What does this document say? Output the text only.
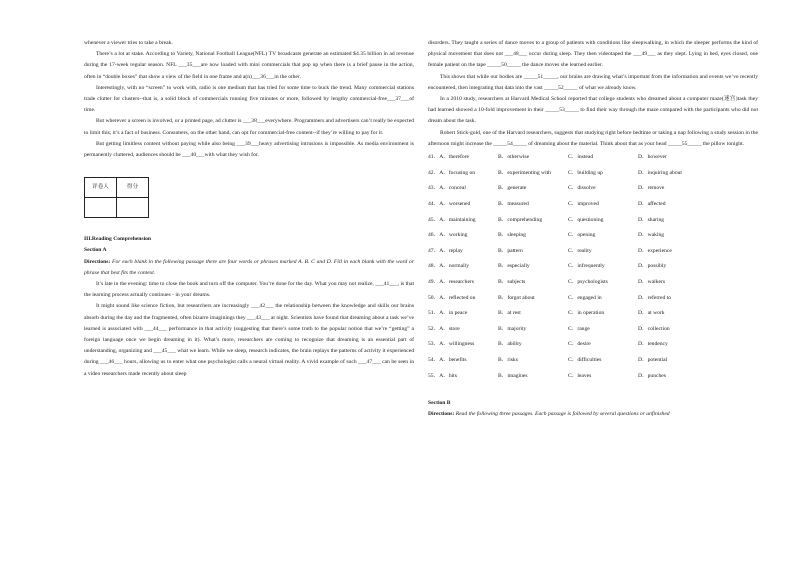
whenever a viewer tries to take a break.

There’s a lot at stake. According to Variety, National Football League(NFL) TV broadcasts generate an estimated $4.35 billion in ad revenue during the 17-week regular season. NFL ___35___are now loaded with mini commercials that pop up when there is a brief pause in the action, often in “double boxes” that show a view of the field in one frame and a(n)___36___in the other.

Interestingly, with no “screen” to work with, radio is one medium that has tried for some time to buck the trend. Many commercial stations trade clutter for clusters--that is, a solid block of commercials running five minutes or more, followed by lengthy commercial-free___37___of time.

But wherever a screen is involved, or a printed page, ad clutter is ___38___everywhere. Programmers and advertisers can’t really be expected to limit this; it’s a fact of business. Consumers, on the other hand, can opt for commercial-free content--if they’re willing to pay for it.

But getting limitless content without paying while also being ___39___heavy advertising intrusions is impossible. As media environment is permanently cluttered, audiences should be ___40___with what they wish for.

评卷人	得分

III.Reading Comprehension

Section A

Directions: For each blank in the following passage there are four words or phrases marked A. B. C and D. Fill in each blank with the word or phrase that best fits the context.

It’s late in the evening: time to close the book and turn off the computer. You’re done for the day. What you may not realize, ___41___, is that the learning process actually continues - in your dreams.

It might sound like science fiction, but researchers are increasingly ___42___ the relationship between the knowledge and skills our brains absorb during the day and the fragmented, often bizarre imaginings they ___43___ at night. Scientists have found that dreaming about a task we’ve learned is associated with ___44___ performance in that activity (suggesting that there’s some truth to the popular notion that we’re “getting” a foreign language once we begin dreaming in it). What’s more, researchers are coming to recognize that dreaming is an essential part of understanding, organizing and ___45___ what we learn. While we sleep, research indicates, the brain replays the patterns of activity it experienced during ___46___ hours, allowing us to enter what one psychologist calls a neural virtual reality. A vivid example of such ___47___ can be seen in a video researchers made recently about sleep

disorders. They taught a series of dance moves to a group of patients with conditions like sleepwalking, in which the sleeper performs the kind of physical movement that does not ___48___ occur during sleep. They then videotaped the ___49___ as they slept. Lying in bed, eyes closed, one female patient on the tape _____50_____ the dance moves she learned earlier.

This shows that while our bodies are _____51_____, our brains are drawing what’s important from the information and events we’ve recently encountered, then integrating that data into the vast _____52_____ of what we already know.

In a 2010 study, researchers at Harvard Medical School reported that college students who dreamed about a computer maze(迷宫)task they had learned showed a 10-fold improvement in their _____53_____ to find their way through the maze compared with the participants who did not dream about the task.

Robert Stick-gold, one of the Harvard researchers, suggests that studying right before bedtime or taking a nap following a study session in the afternoon might increase the _____54_____ of dreaming about the material. Think about that as your head _____55_____ the pillow tonight.

41．A．therefore	B．otherwise	C．instead	D．however
42．A．focusing on	B．experimenting with	C．building up	D．inquiring about
43．A．conceal	B．generate	C．dissolve	D．remove
44．A．worsened	B．measured	C．improved	D．affected
45．A．maintaining	B．comprehending	C．questioning	D．sharing
46．A．working	B．sleeping	C．opening	D．waking
47．A．replay	B．pattern	C．reality	D．experience
48．A．normally	B．especially	C．infrequently	D．possibly
49．A．researchers	B．subjects	C．psychologists	D．walkers
50．A．reflected on	B．forgot about	C．engaged in	D．referred to
51．A．in peace	B．at rest	C．in operation	D．at work
52．A．store	B．majority	C．range	D．collection
53．A．willingness	B．ability	C．desire	D．tendency
54．A．benefits	B．risks	C．difficulties	D．potential
55．A．hits	B．imagines	C．leaves	D．punches

Section B

Directions: Read the following three passages. Each passage is followed by several questions or unfinished
